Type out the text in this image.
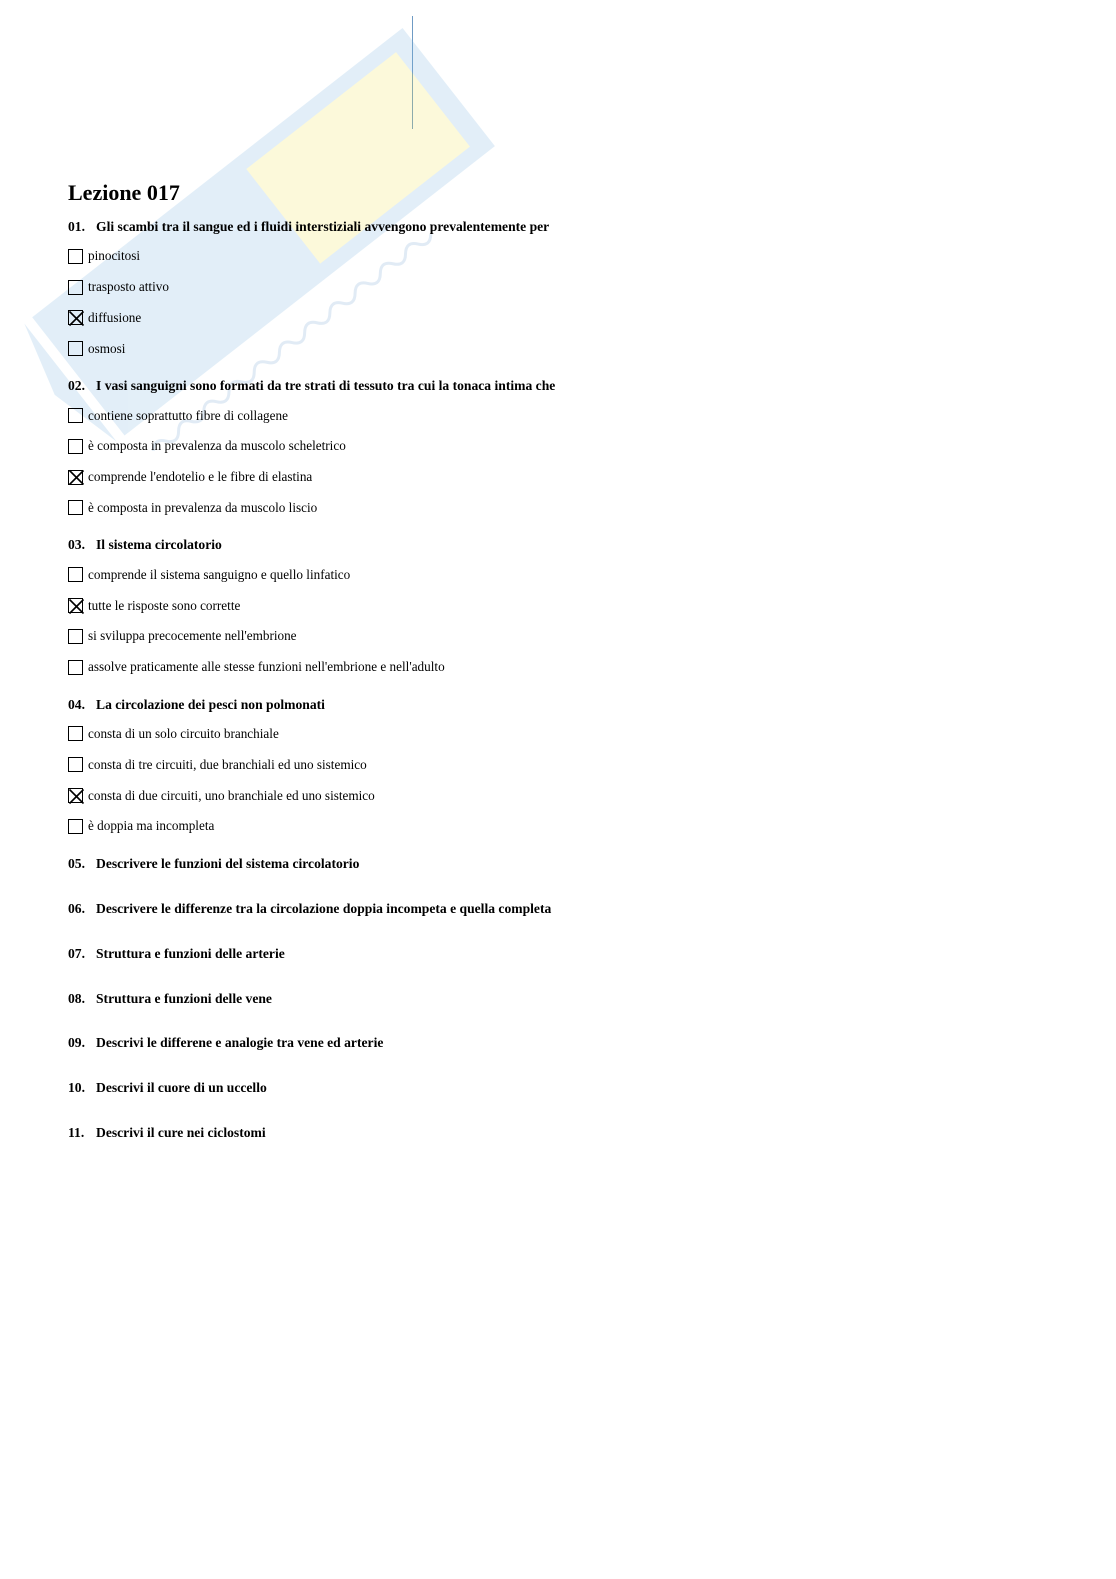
Lezione 017
01. Gli scambi tra il sangue ed i fluidi interstiziali avvengono prevalentemente per
pinocitosi
trasposto attivo
diffusione
osmosi
02. I vasi sanguigni sono formati da tre strati di tessuto tra cui la tonaca intima che
contiene soprattutto fibre di collagene
è composta in prevalenza da muscolo scheletrico
comprende l'endotelio e le fibre di elastina
è composta in prevalenza da muscolo liscio
03. Il sistema circolatorio
comprende il sistema sanguigno e quello linfatico
tutte le risposte sono corrette
si sviluppa precocemente nell'embrione
assolve praticamente alle stesse funzioni nell'embrione e nell'adulto
04. La circolazione dei pesci non polmonati
consta di un solo circuito branchiale
consta di tre circuiti, due branchiali ed uno sistemico
consta di due circuiti, uno branchiale ed uno sistemico
è doppia ma incompleta
05. Descrivere le funzioni del sistema circolatorio
06. Descrivere le differenze tra la circolazione doppia incompeta e quella completa
07. Struttura e funzioni delle arterie
08. Struttura e funzioni delle vene
09. Descrivi le differene e analogie tra vene ed arterie
10. Descrivi il cuore di un uccello
11. Descrivi il cure nei ciclostomi
